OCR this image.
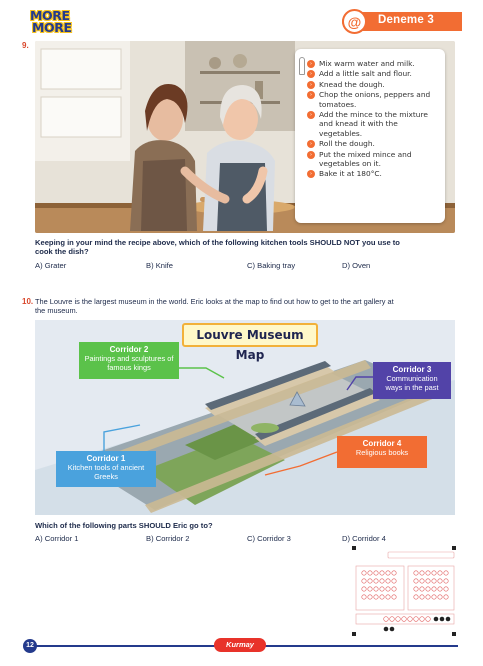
MORE
MORE	@	Deneme 3
9.
› Mix warm water and milk.
› Add a little salt and flour.
› Knead the dough.
› Chop the onions, peppers and tomatoes.
› Add the mince to the mixture and knead it with the vegetables.
› Roll the dough.
› Put the mixed mince and vegetables on it.
› Bake it at 180°C.
Keeping in your mind the recipe above, which of the following kitchen tools SHOULD NOT you use to
cook the dish?
A) Grater	B) Knife	C) Baking tray	D) Oven
10. The Louvre is the largest museum in the world. Eric looks at the map to find out how to get to the art gallery at
the museum.
Louvre Museum Map
Corridor 2
Paintings and sculptures of famous kings	Corridor 3
Communication ways in the past
Corridor 1
Kitchen tools of ancient Greeks
Corridor 4
Religious books
Which of the following parts SHOULD Eric go to?
A) Corridor 1	B) Corridor 2	C) Corridor 3	D) Corridor 4
12	Kurmay
